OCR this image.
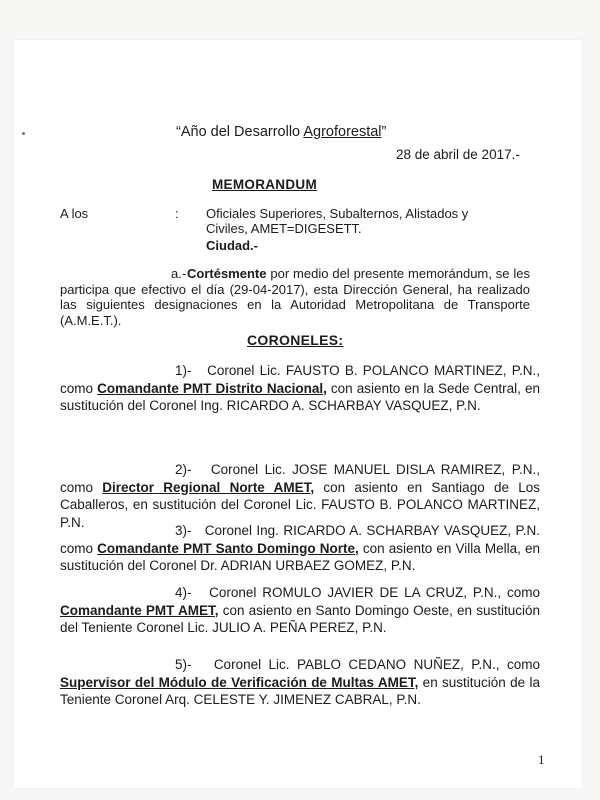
“Año del Desarrollo Agroforestal”
28 de abril de 2017.-
MEMORANDUM
A los	: Oficiales Superiores, Subalternos, Alistados y Civiles, AMET=DIGESETT.
Ciudad.-
a.-Cortésmente por medio del presente memorándum, se les participa que efectivo el día (29-04-2017), esta Dirección General, ha realizado las siguientes designaciones en la Autoridad Metropolitana de Transporte (A.M.E.T.).
CORONELES:
1)- Coronel Lic. FAUSTO B. POLANCO MARTINEZ, P.N., como Comandante PMT Distrito Nacional, con asiento en la Sede Central, en sustitución del Coronel Ing. RICARDO A. SCHARBAY VASQUEZ, P.N.
2)- Coronel Lic. JOSE MANUEL DISLA RAMIREZ, P.N., como Director Regional Norte AMET, con asiento en Santiago de Los Caballeros, en sustitución del Coronel Lic. FAUSTO B. POLANCO MARTINEZ, P.N.
3)- Coronel Ing. RICARDO A. SCHARBAY VASQUEZ, P.N. como Comandante PMT Santo Domingo Norte, con asiento en Villa Mella, en sustitución del Coronel Dr. ADRIAN URBAEZ GOMEZ, P.N.
4)- Coronel ROMULO JAVIER DE LA CRUZ, P.N., como Comandante PMT AMET, con asiento en Santo Domingo Oeste, en sustitución del Teniente Coronel Lic. JULIO A. PEÑA PEREZ, P.N.
5)- Coronel Lic. PABLO CEDANO NUÑEZ, P.N., como Supervisor del Módulo de Verificación de Multas AMET, en sustitución de la Teniente Coronel Arq. CELESTE Y. JIMENEZ CABRAL, P.N.
1
